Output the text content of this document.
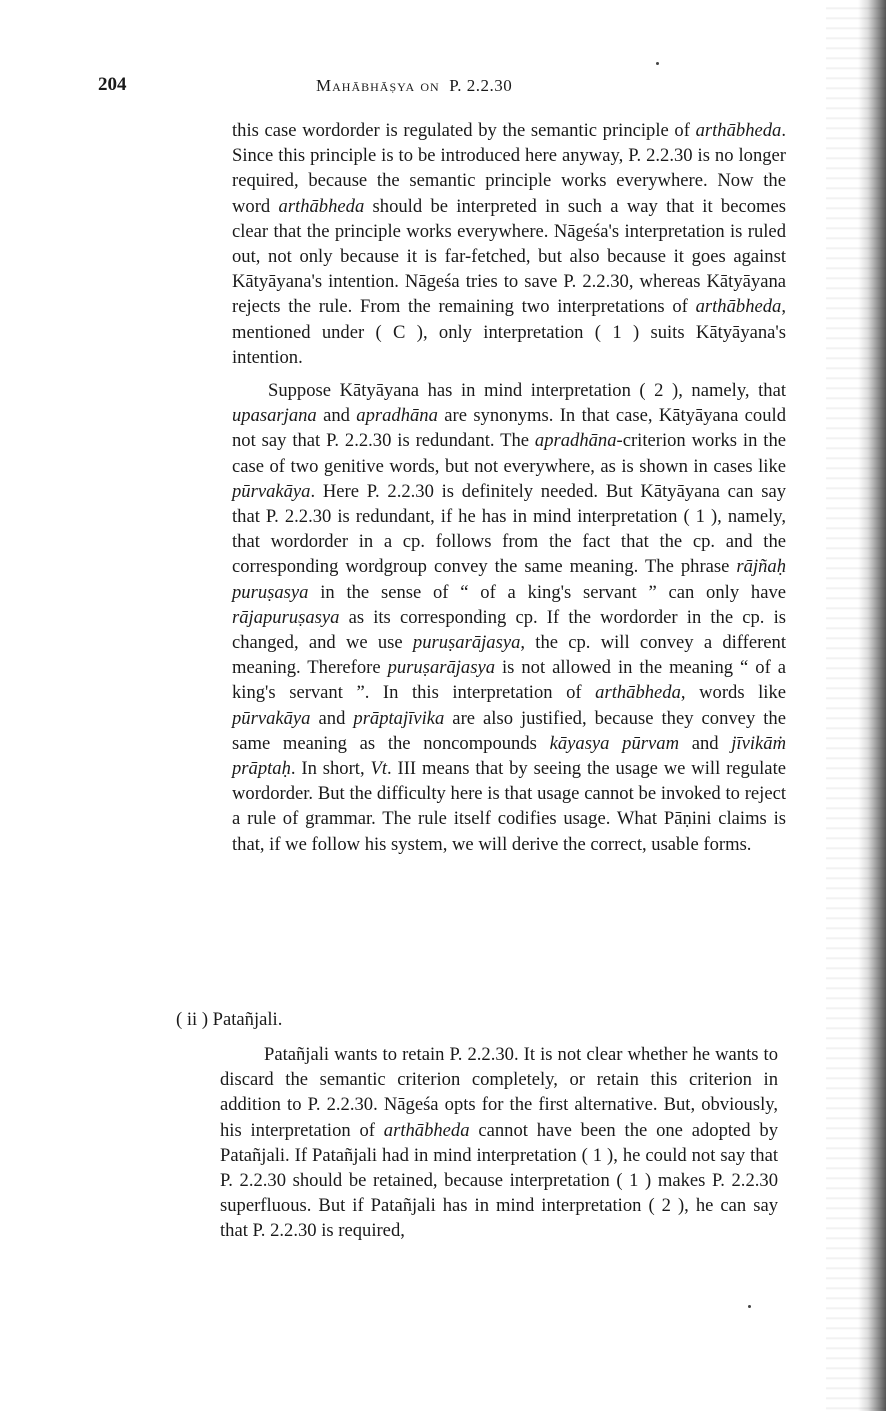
204	Mahābhāṣya on P. 2.2.30

this case wordorder is regulated by the semantic principle of arthābheda. Since this principle is to be introduced here anyway, P. 2.2.30 is no longer required, because the semantic principle works everywhere. Now the word arthābheda should be interpreted in such a way that it becomes clear that the principle works everywhere. Nāgeśa's interpretation is ruled out, not only because it is far-fetched, but also because it goes against Kātyāyana's intention. Nāgeśa tries to save P. 2.2.30, whereas Kātyāyana rejects the rule. From the remaining two interpretations of arthābheda, mentioned under ( C ), only interpretation ( 1 ) suits Kātyāyana's intention.

Suppose Kātyāyana has in mind interpretation ( 2 ), namely, that upasarjana and apradhāna are synonyms. In that case, Kātyāyana could not say that P. 2.2.30 is redundant. The apradhāna-criterion works in the case of two genitive words, but not everywhere, as is shown in cases like pūrvakāya. Here P. 2.2.30 is definitely needed. But Kātyāyana can say that P. 2.2.30 is redundant, if he has in mind interpretation ( 1 ), namely, that wordorder in a cp. follows from the fact that the cp. and the corresponding wordgroup convey the same meaning. The phrase rājñaḥ puruṣasya in the sense of “ of a king's servant ” can only have rājapuruṣasya as its corresponding cp. If the wordorder in the cp. is changed, and we use puruṣarājasya, the cp. will convey a different meaning. Therefore puruṣarājasya is not allowed in the meaning “ of a king's servant ”. In this interpretation of arthābheda, words like pūrvakāya and prāptajīvika are also justified, because they convey the same meaning as the noncompounds kāyasya pūrvam and jīvikāṁ prāptaḥ. In short, Vt. III means that by seeing the usage we will regulate wordorder. But the difficulty here is that usage cannot be invoked to reject a rule of grammar. The rule itself codifies usage. What Pāṇini claims is that, if we follow his system, we will derive the correct, usable forms.

( ii ) Patañjali.

Patañjali wants to retain P. 2.2.30. It is not clear whether he wants to discard the semantic criterion completely, or retain this criterion in addition to P. 2.2.30. Nāgeśa opts for the first alternative. But, obviously, his interpretation of arthābheda cannot have been the one adopted by Patañjali. If Patañjali had in mind interpretation ( 1 ), he could not say that P. 2.2.30 should be retained, because interpretation ( 1 ) makes P. 2.2.30 superfluous. But if Patañjali has in mind interpretation ( 2 ), he can say that P. 2.2.30 is required,
